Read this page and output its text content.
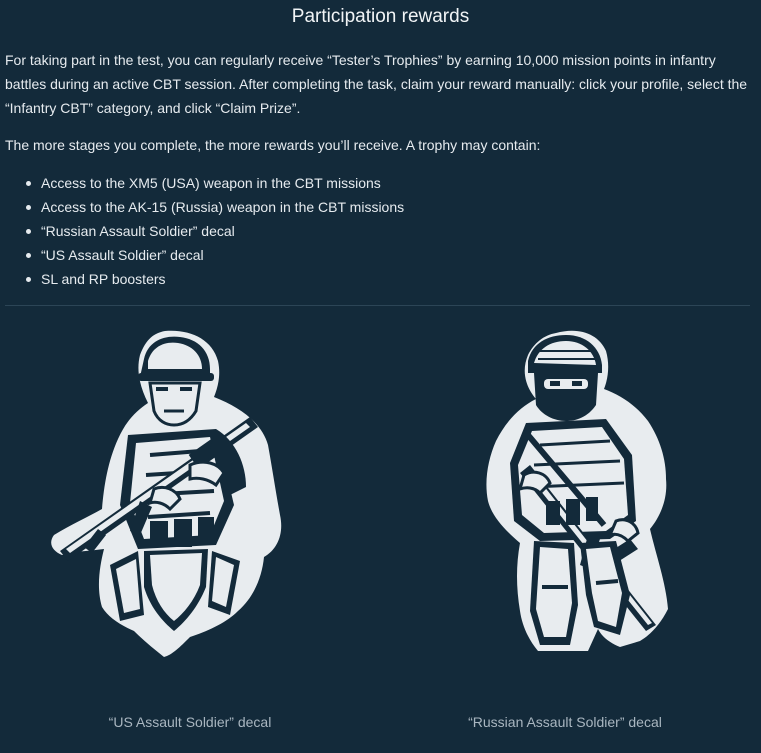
Participation rewards

For taking part in the test, you can regularly receive “Tester’s Trophies” by earning 10,000 mission points in infantry battles during an active CBT session. After completing the task, claim your reward manually: click your profile, select the “Infantry CBT” category, and click “Claim Prize”.

The more stages you complete, the more rewards you’ll receive. A trophy may contain:

Access to the XM5 (USA) weapon in the CBT missions
Access to the AK-15 (Russia) weapon in the CBT missions
“Russian Assault Soldier” decal
“US Assault Soldier” decal
SL and RP boosters
“US Assault Soldier” decal	“Russian Assault Soldier” decal
